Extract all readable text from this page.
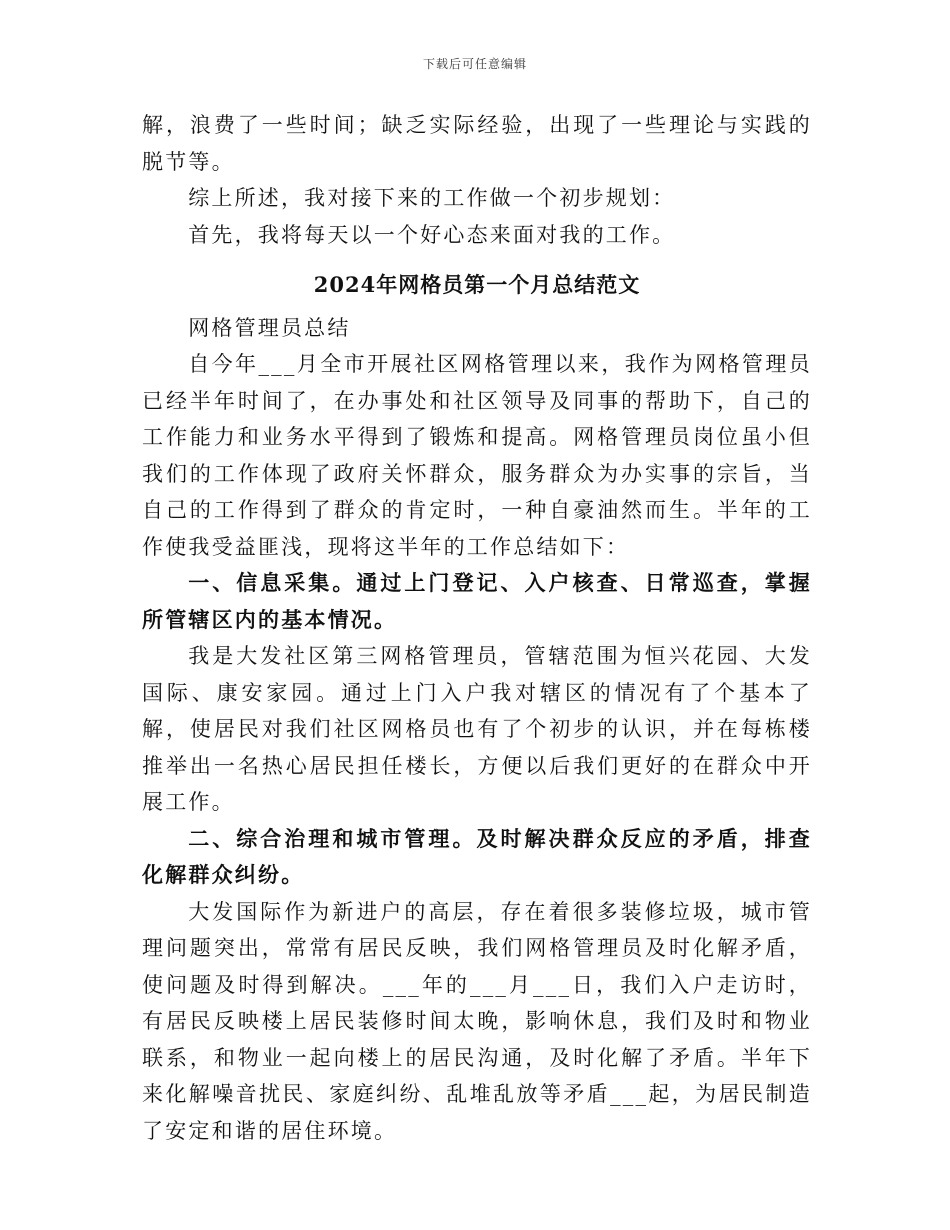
下载后可任意编辑

解，浪费了一些时间；缺乏实际经验，出现了一些理论与实践的脱节等。

综上所述，我对接下来的工作做一个初步规划：

首先，我将每天以一个好心态来面对我的工作。

2024年网格员第一个月总结范文

网格管理员总结

自今年___月全市开展社区网格管理以来，我作为网格管理员已经半年时间了，在办事处和社区领导及同事的帮助下，自己的工作能力和业务水平得到了锻炼和提高。网格管理员岗位虽小但我们的工作体现了政府关怀群众，服务群众为办实事的宗旨，当自己的工作得到了群众的肯定时，一种自豪油然而生。半年的工作使我受益匪浅，现将这半年的工作总结如下：

一、信息采集。通过上门登记、入户核查、日常巡查，掌握所管辖区内的基本情况。

我是大发社区第三网格管理员，管辖范围为恒兴花园、大发国际、康安家园。通过上门入户我对辖区的情况有了个基本了解，使居民对我们社区网格员也有了个初步的认识，并在每栋楼推举出一名热心居民担任楼长，方便以后我们更好的在群众中开展工作。

二、综合治理和城市管理。及时解决群众反应的矛盾，排查化解群众纠纷。

大发国际作为新进户的高层，存在着很多装修垃圾，城市管理问题突出，常常有居民反映，我们网格管理员及时化解矛盾，使问题及时得到解决。___年的___月___日，我们入户走访时，有居民反映楼上居民装修时间太晚，影响休息，我们及时和物业联系，和物业一起向楼上的居民沟通，及时化解了矛盾。半年下来化解噪音扰民、家庭纠纷、乱堆乱放等矛盾___起，为居民制造了安定和谐的居住环境。
